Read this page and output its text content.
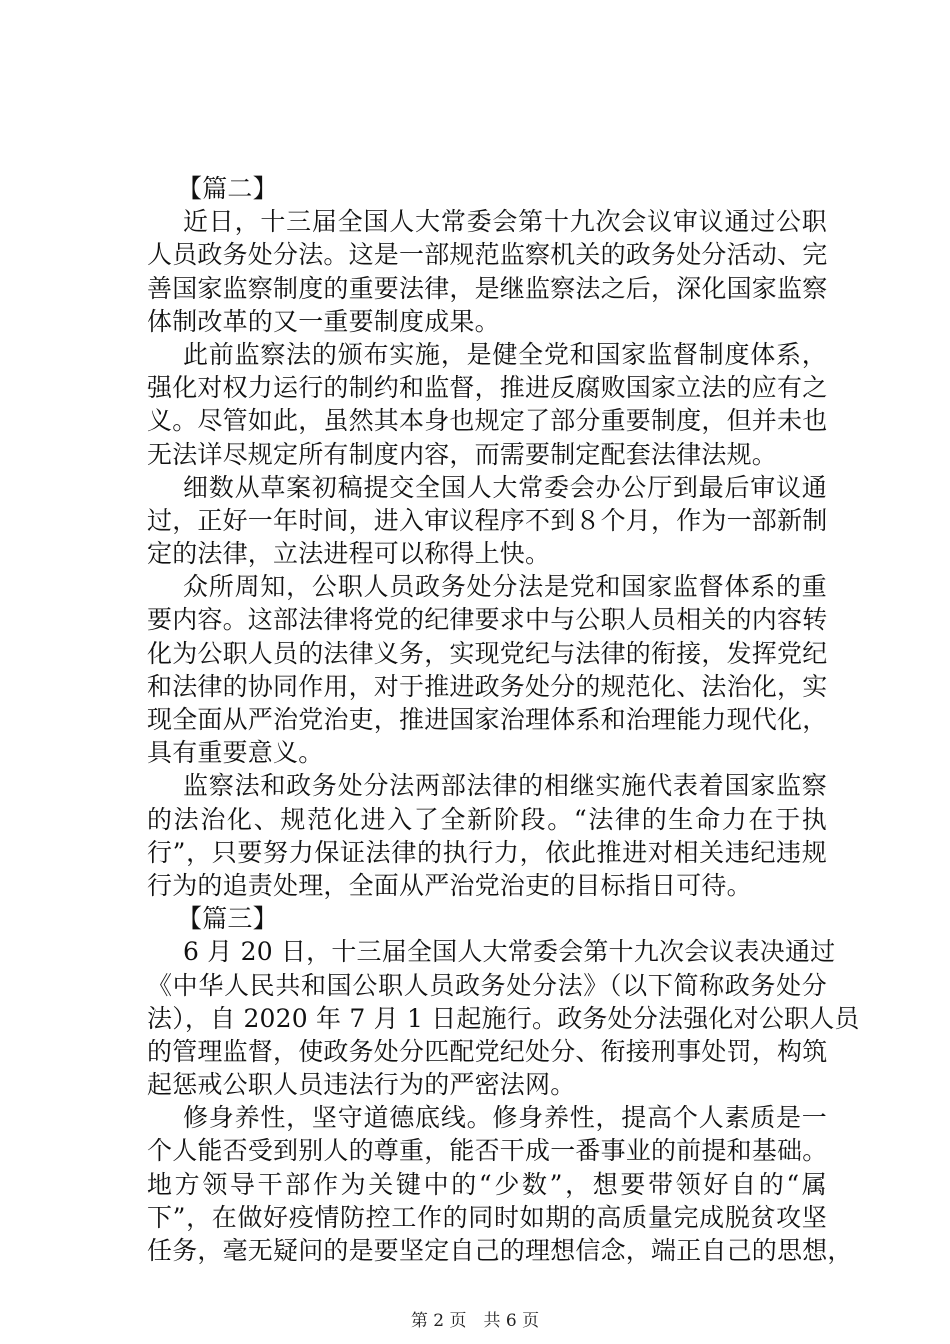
【篇二】
近日，十三届全国人大常委会第十九次会议审议通过公职
人员政务处分法。这是一部规范监察机关的政务处分活动、完
善国家监察制度的重要法律，是继监察法之后，深化国家监察
体制改革的又一重要制度成果。
此前监察法的颁布实施，是健全党和国家监督制度体系，
强化对权力运行的制约和监督，推进反腐败国家立法的应有之
义。尽管如此，虽然其本身也规定了部分重要制度，但并未也
无法详尽规定所有制度内容，而需要制定配套法律法规。
细数从草案初稿提交全国人大常委会办公厅到最后审议通
过，正好一年时间，进入审议程序不到８个月，作为一部新制
定的法律，立法进程可以称得上快。
众所周知，公职人员政务处分法是党和国家监督体系的重
要内容。这部法律将党的纪律要求中与公职人员相关的内容转
化为公职人员的法律义务，实现党纪与法律的衔接，发挥党纪
和法律的协同作用，对于推进政务处分的规范化、法治化，实
现全面从严治党治吏，推进国家治理体系和治理能力现代化，
具有重要意义。
监察法和政务处分法两部法律的相继实施代表着国家监察
的法治化、规范化进入了全新阶段。“法律的生命力在于执
行”，只要努力保证法律的执行力，依此推进对相关违纪违规
行为的追责处理，全面从严治党治吏的目标指日可待。
【篇三】
6 月 20 日，十三届全国人大常委会第十九次会议表决通过
《中华人民共和国公职人员政务处分法》（以下简称政务处分
法），自 2020 年 7 月 1 日起施行。政务处分法强化对公职人员
的管理监督，使政务处分匹配党纪处分、衔接刑事处罚，构筑
起惩戒公职人员违法行为的严密法网。
修身养性，坚守道德底线。修身养性，提高个人素质是一
个人能否受到别人的尊重，能否干成一番事业的前提和基础。
地方领导干部作为关键中的“少数”，想要带领好自的“属
下”，在做好疫情防控工作的同时如期的高质量完成脱贫攻坚
任务，毫无疑问的是要坚定自己的理想信念，端正自己的思想，
第 2 页　共 6 页
